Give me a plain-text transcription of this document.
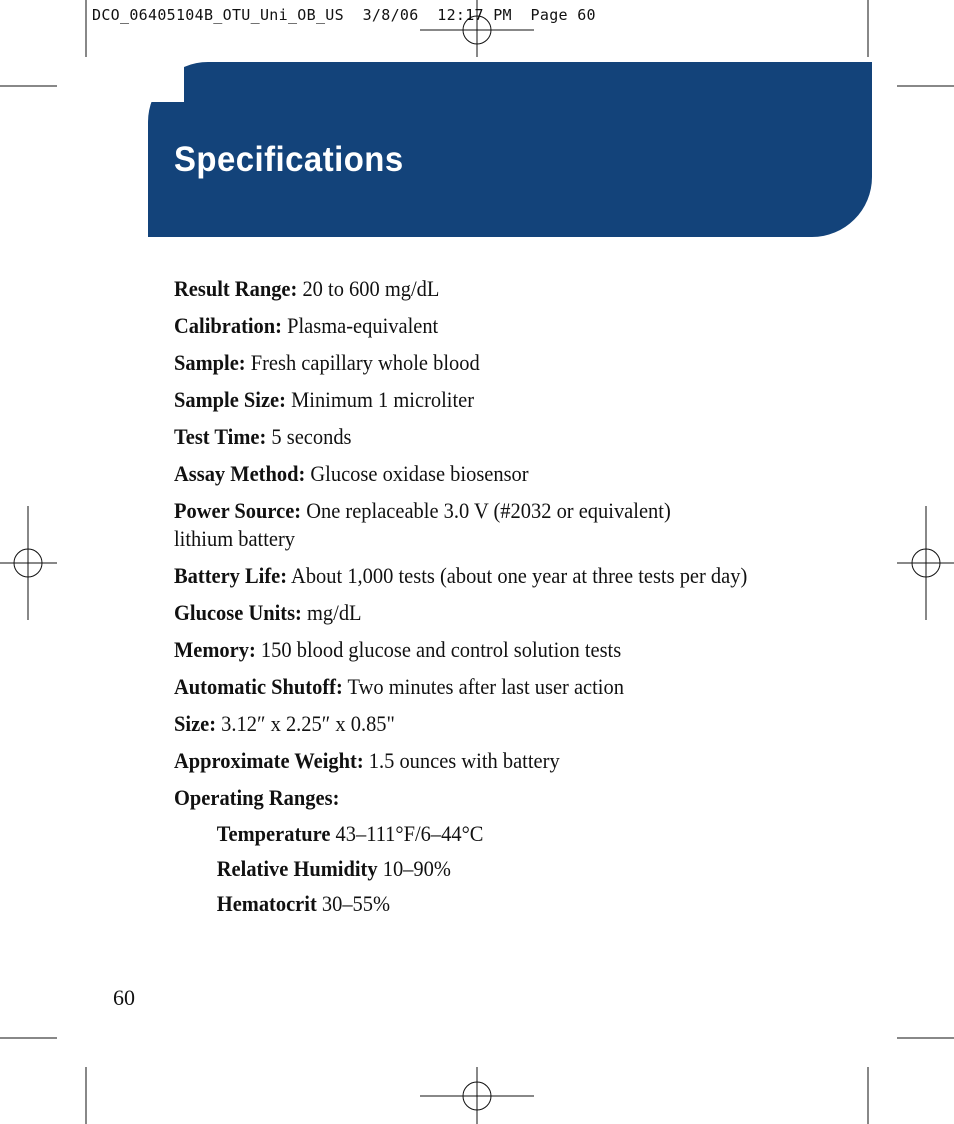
DCO_06405104B_OTU_Uni_OB_US  3/8/06  12:17 PM  Page 60
Specifications
Result Range: 20 to 600 mg/dL
Calibration: Plasma-equivalent
Sample: Fresh capillary whole blood
Sample Size: Minimum 1 microliter
Test Time: 5 seconds
Assay Method: Glucose oxidase biosensor
Power Source: One replaceable 3.0 V (#2032 or equivalent)
lithium battery
Battery Life: About 1,000 tests (about one year at three tests per day)
Glucose Units: mg/dL
Memory: 150 blood glucose and control solution tests
Automatic Shutoff: Two minutes after last user action
Size: 3.12″ x 2.25″ x 0.85"
Approximate Weight: 1.5 ounces with battery
Operating Ranges:
Temperature 43–111°F/6–44°C
Relative Humidity 10–90%
Hematocrit 30–55%
60
